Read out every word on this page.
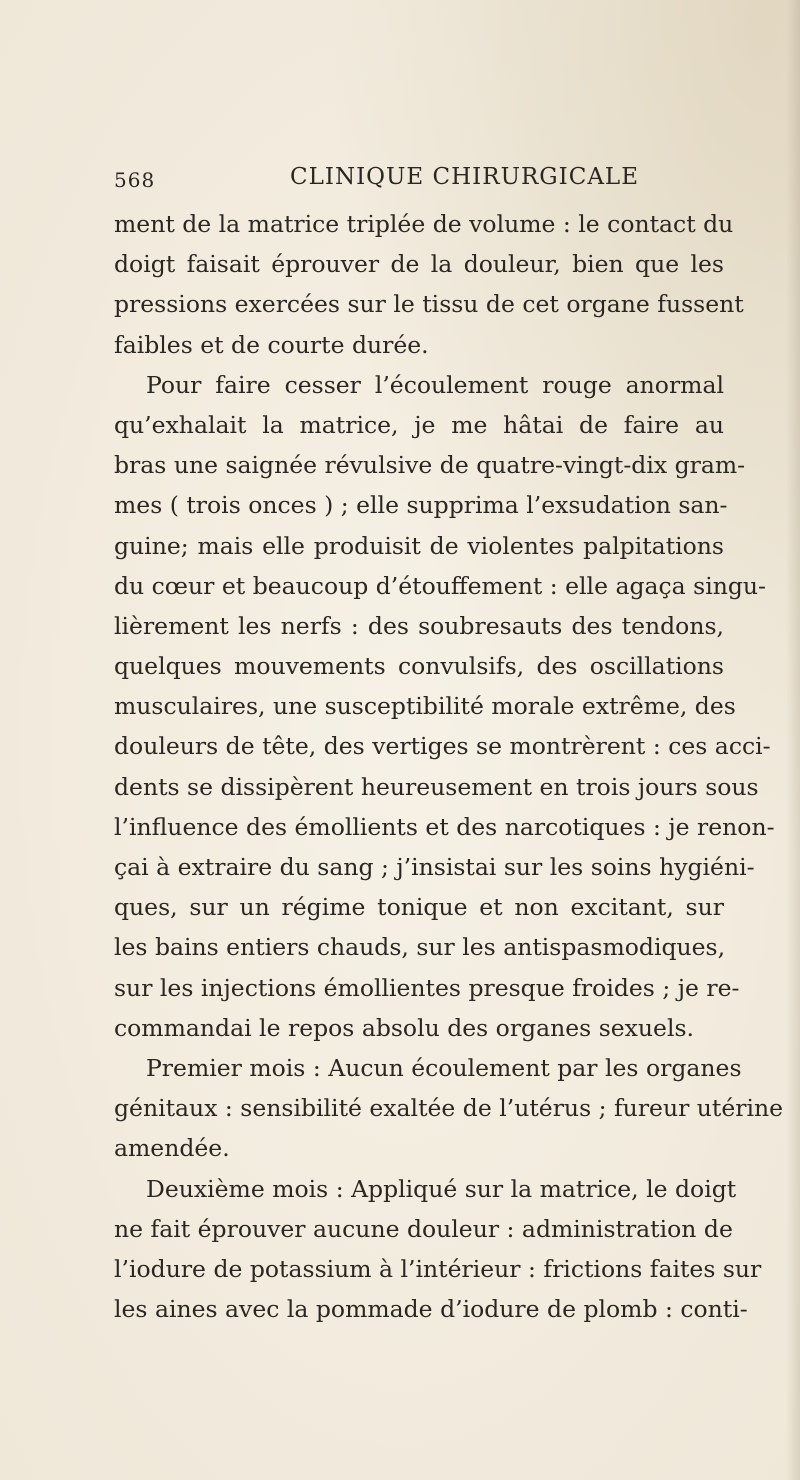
568	CLINIQUE CHIRURGICALE
ment de la matrice triplée de volume : le contact du
doigt faisait éprouver de la douleur, bien que les
pressions exercées sur le tissu de cet organe fussent
faibles et de courte durée.
Pour faire cesser l’écoulement rouge anormal
qu’exhalait la matrice, je me hâtai de faire au
bras une saignée révulsive de quatre-vingt-dix gram-
mes ( trois onces ) ; elle supprima l’exsudation san-
guine; mais elle produisit de violentes palpitations
du cœur et beaucoup d’étouffement : elle agaça singu-
lièrement les nerfs : des soubresauts des tendons,
quelques mouvements convulsifs, des oscillations
musculaires, une susceptibilité morale extrême, des
douleurs de tête, des vertiges se montrèrent : ces acci-
dents se dissipèrent heureusement en trois jours sous
l’influence des émollients et des narcotiques : je renon-
çai à extraire du sang ; j’insistai sur les soins hygiéni-
ques, sur un régime tonique et non excitant, sur
les bains entiers chauds, sur les antispasmodiques,
sur les injections émollientes presque froides ; je re-
commandai le repos absolu des organes sexuels.
Premier mois : Aucun écoulement par les organes
génitaux : sensibilité exaltée de l’utérus ; fureur utérine
amendée.
Deuxième mois : Appliqué sur la matrice, le doigt
ne fait éprouver aucune douleur : administration de
l’iodure de potassium à l’intérieur : frictions faites sur
les aines avec la pommade d’iodure de plomb : conti-
